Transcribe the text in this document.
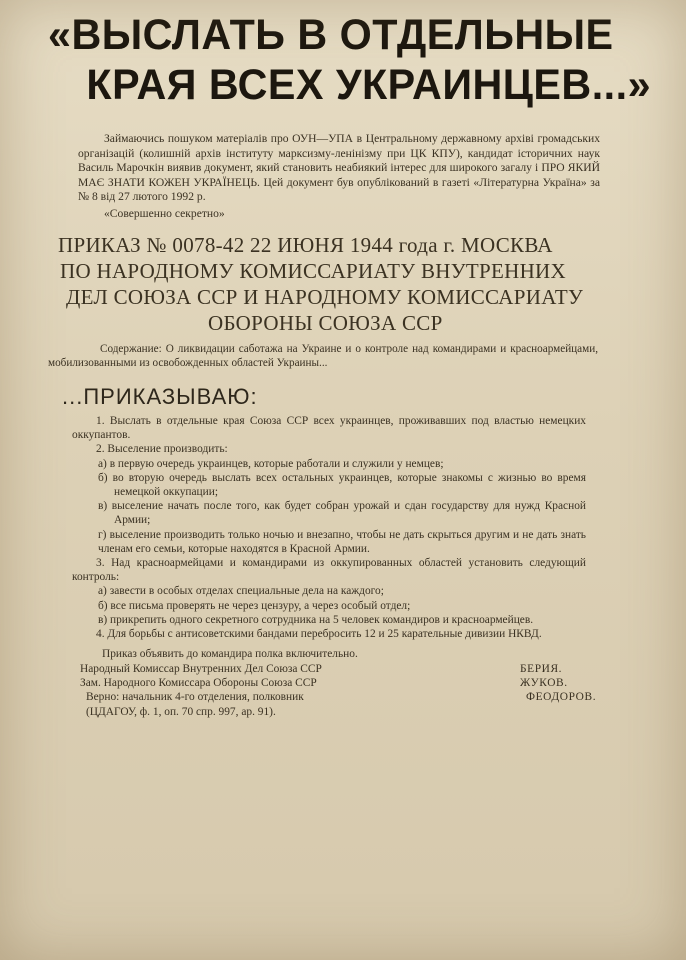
«ВЫСЛАТЬ В ОТДЕЛЬНЫЕ
КРАЯ ВСЕХ УКРАИНЦЕВ...»

Займаючись пошуком матеріалів про ОУН—УПА в Центральному державному архіві громадських організацій (колишній архів інституту марксизму-ленінізму при ЦК КПУ), кандидат історичних наук Василь Марочкін виявив документ, який становить неабиякий інтерес для широкого загалу і ПРО ЯКИЙ МАЄ ЗНАТИ КОЖЕН УКРАЇНЕЦЬ. Цей документ був опублікований в газеті «Літературна Україна» за № 8 від 27 лютого 1992 р.

«Совершенно секретно»
ПРИКАЗ № 0078-42 22 ИЮНЯ 1944 года г. МОСКВА
ПО НАРОДНОМУ КОМИССАРИАТУ ВНУТРЕННИХ
ДЕЛ СОЮЗА ССР И НАРОДНОМУ КОМИССАРИАТУ
ОБОРОНЫ СОЮЗА ССР

Содержание: О ликвидации саботажа на Украине и о контроле над командирами и красноармейцами, мобилизованными из освобожденных областей Украины...

...ПРИКАЗЫВАЮ:

1. Выслать в отдельные края Союза ССР всех украинцев, проживавших под властью немецких оккупантов.

2. Выселение производить:

а) в первую очередь украинцев, которые работали и служили у немцев;

б) во вторую очередь выслать всех остальных украинцев, которые знакомы с жизнью во время немецкой оккупации;

в) выселение начать после того, как будет собран урожай и сдан государству для нужд Красной Армии;

г) выселение производить только ночью и внезапно, чтобы не дать скрыться другим и не дать знать членам его семьи, которые находятся в Красной Армии.

3. Над красноармейцами и командирами из оккупированных областей установить следующий контроль:

а) завести в особых отделах специальные дела на каждого;

б) все письма проверять не через цензуру, а через особый отдел;

в) прикрепить одного секретного сотрудника на 5 человек командиров и красноармейцев.

4. Для борьбы с антисоветскими бандами перебросить 12 и 25 карательные дивизии НКВД.

Приказ объявить до командира полка включительно.
Народный Комиссар Внутренних Дел Союза ССР	БЕРИЯ.
Зам. Народного Комиссара Обороны Союза ССР	ЖУКОВ.
Верно: начальник 4-го отделения, полковник	ФЕОДОРОВ.
(ЦДАГОУ, ф. 1, оп. 70 спр. 997, ар. 91).
